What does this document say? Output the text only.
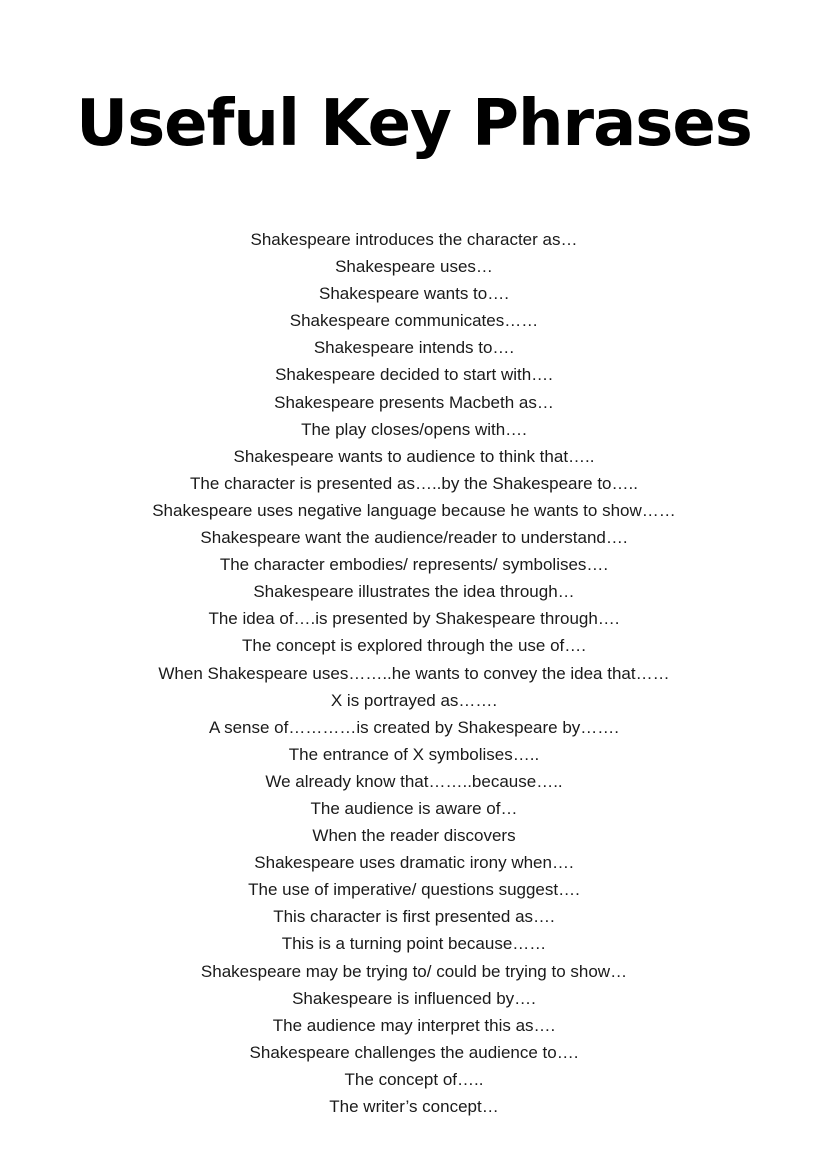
Useful Key Phrases
Shakespeare introduces the character as…
Shakespeare uses…
Shakespeare wants to….
Shakespeare communicates……
Shakespeare intends to….
Shakespeare decided to start with….
Shakespeare presents Macbeth as…
The play closes/opens with….
Shakespeare wants to audience to think that…..
The character is presented as…..by the Shakespeare to…..
Shakespeare uses negative language because he wants to show……
Shakespeare want the audience/reader to understand….
The character embodies/ represents/ symbolises….
Shakespeare illustrates the idea through…
The idea of….is presented by Shakespeare through….
The concept is explored through the use of….
When Shakespeare uses……..he wants to convey the idea that……
X is portrayed as…….
A sense of…………is created by Shakespeare by…….
The entrance of X symbolises…..
We already know that……..because…..
The audience is aware of…
When the reader discovers
Shakespeare uses dramatic irony when….
The use of imperative/ questions suggest….
This character is first presented as….
This is a turning point because……
Shakespeare may be trying to/ could be trying to show…
Shakespeare is influenced by….
The audience may interpret this as….
Shakespeare challenges the audience to….
The concept of…..
The writer’s concept…
